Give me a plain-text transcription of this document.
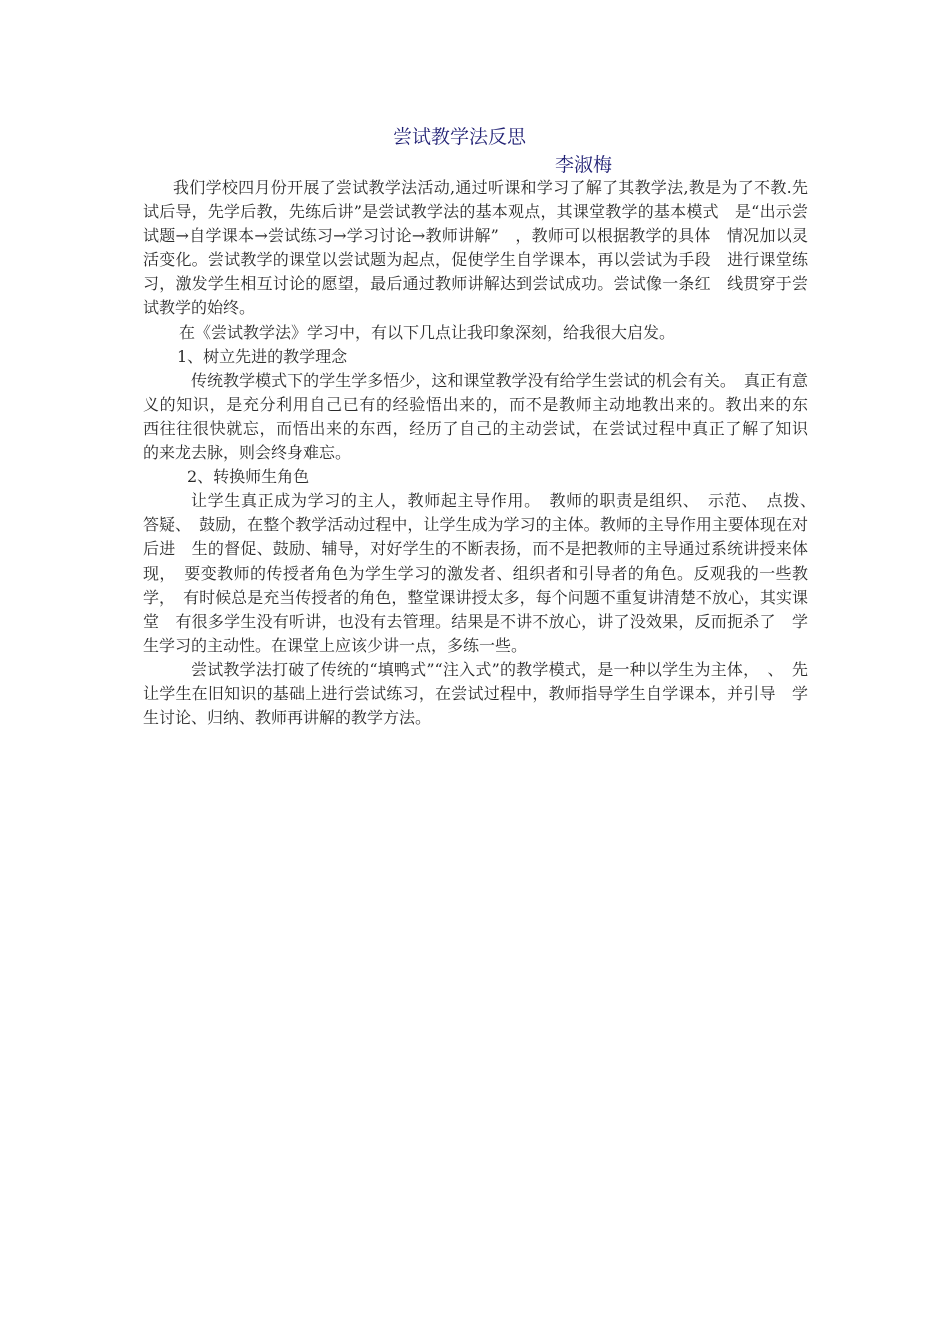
尝试教学法反思
李淑梅

我们学校四月份开展了尝试教学法活动,通过听课和学习了解了其教学法,教是为了不教.先试后导，先学后教，先练后讲”是尝试教学法的基本观点，其课堂教学的基本模式　是“出示尝试题→自学课本→尝试练习→学习讨论→教师讲解”　，教师可以根据教学的具体　情况加以灵活变化。尝试教学的课堂以尝试题为起点，促使学生自学课本，再以尝试为手段　进行课堂练习，激发学生相互讨论的愿望，最后通过教师讲解达到尝试成功。尝试像一条红　线贯穿于尝试教学的始终。

在《尝试教学法》学习中，有以下几点让我印象深刻，给我很大启发。

1、树立先进的教学理念

传统教学模式下的学生学多悟少，这和课堂教学没有给学生尝试的机会有关。　真正有意　义的知识，是充分利用自己已有的经验悟出来的，而不是教师主动地教出来的。教出来的东　西往往很快就忘，而悟出来的东西，经历了自己的主动尝试，在尝试过程中真正了解了知识　的来龙去脉，则会终身难忘。

2、转换师生角色

让学生真正成为学习的主人，教师起主导作用。　教师的职责是组织、　示范、　点拨、　答疑、　鼓励，在整个教学活动过程中，让学生成为学习的主体。教师的主导作用主要体现在对后进　生的督促、鼓励、辅导，对好学生的不断表扬，而不是把教师的主导通过系统讲授来体现，　要变教师的传授者角色为学生学习的激发者、组织者和引导者的角色。反观我的一些教学，　有时候总是充当传授者的角色，整堂课讲授太多，每个问题不重复讲清楚不放心，其实课堂　有很多学生没有听讲，也没有去管理。结果是不讲不放心，讲了没效果，反而扼杀了　学生学习的主动性。在课堂上应该少讲一点，多练一些。

尝试教学法打破了传统的“填鸭式”“注入式”的教学模式，是一种以学生为主体，　、　先让学生在旧知识的基础上进行尝试练习，在尝试过程中，教师指导学生自学课本，并引导　学生讨论、归纳、教师再讲解的教学方法。
